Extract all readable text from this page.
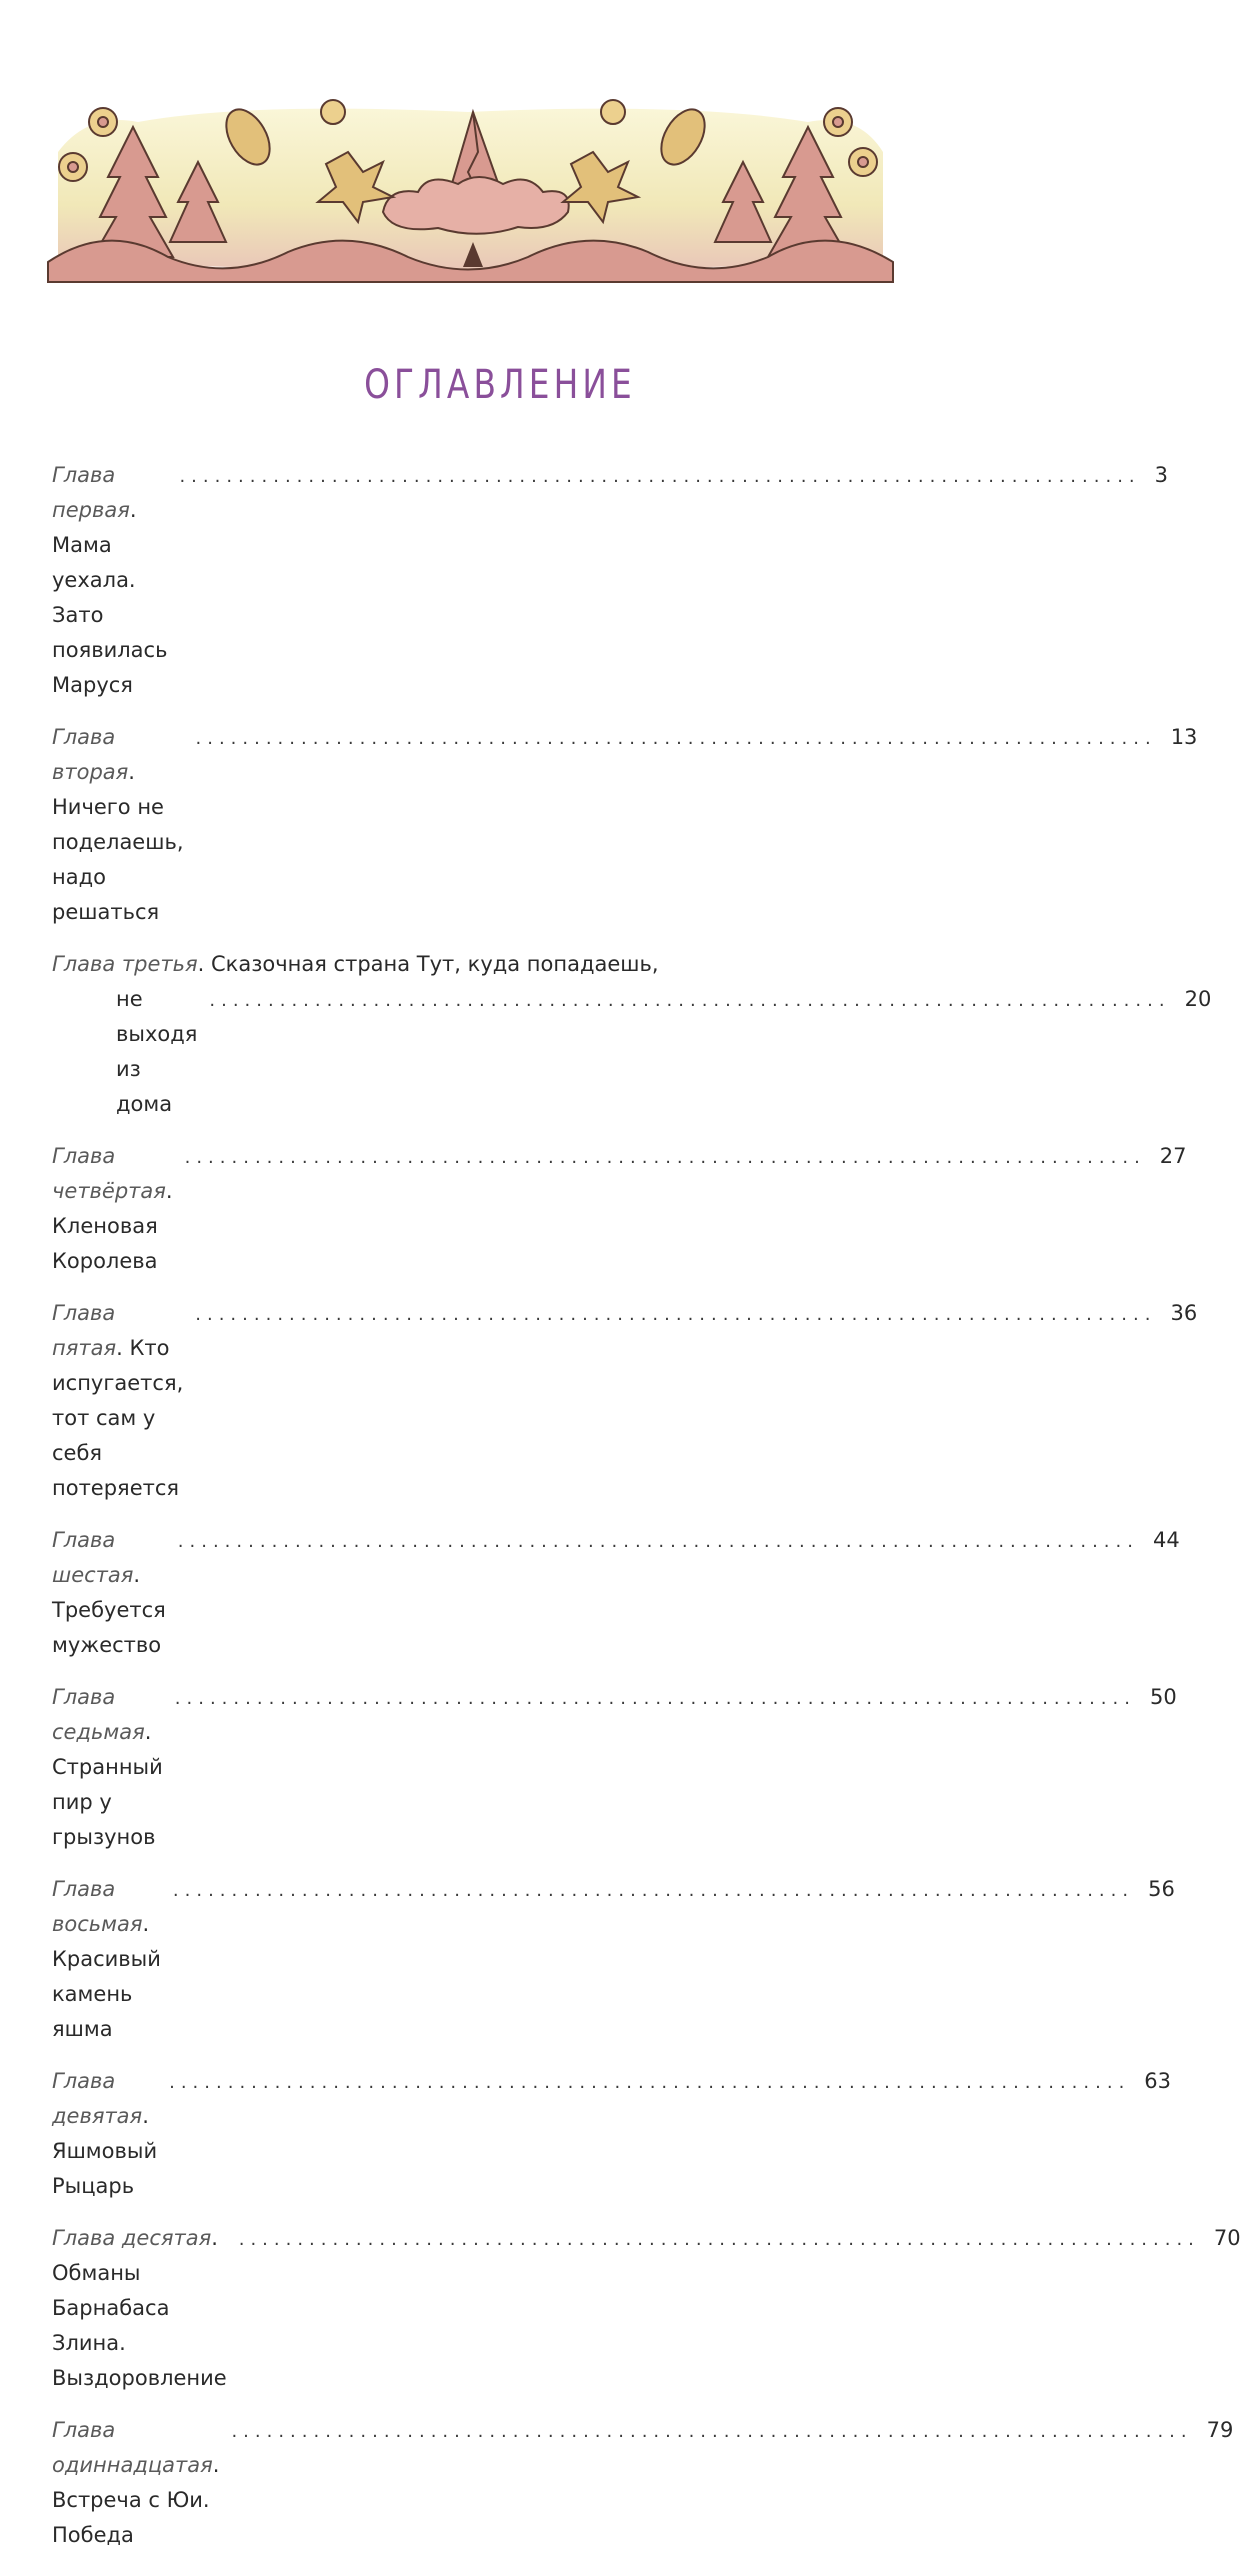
ОГЛАВЛЕНИЕ
Глава первая. Мама уехала. Зато появилась Маруся
.................................................................................. 3
Глава вторая. Ничего не поделаешь, надо решаться
.................................................................................. 13
Глава третья. Сказочная страна Тут, куда попадаешь,
не выходя из дома
.................................................................................. 20
Глава четвёртая. Кленовая Королева
.................................................................................. 27
Глава пятая. Кто испугается, тот сам у себя потеряется
.................................................................................. 36
Глава шестая. Требуется мужество
.................................................................................. 44
Глава седьмая. Странный пир у грызунов
.................................................................................. 50
Глава восьмая. Красивый камень яшма
.................................................................................. 56
Глава девятая. Яшмовый Рыцарь
.................................................................................. 63
Глава десятая. Обманы Барнабаса Злина. Выздоровление
.................................................................................. 70
Глава одиннадцатая. Встреча с Юи. Победа
.................................................................................. 79
